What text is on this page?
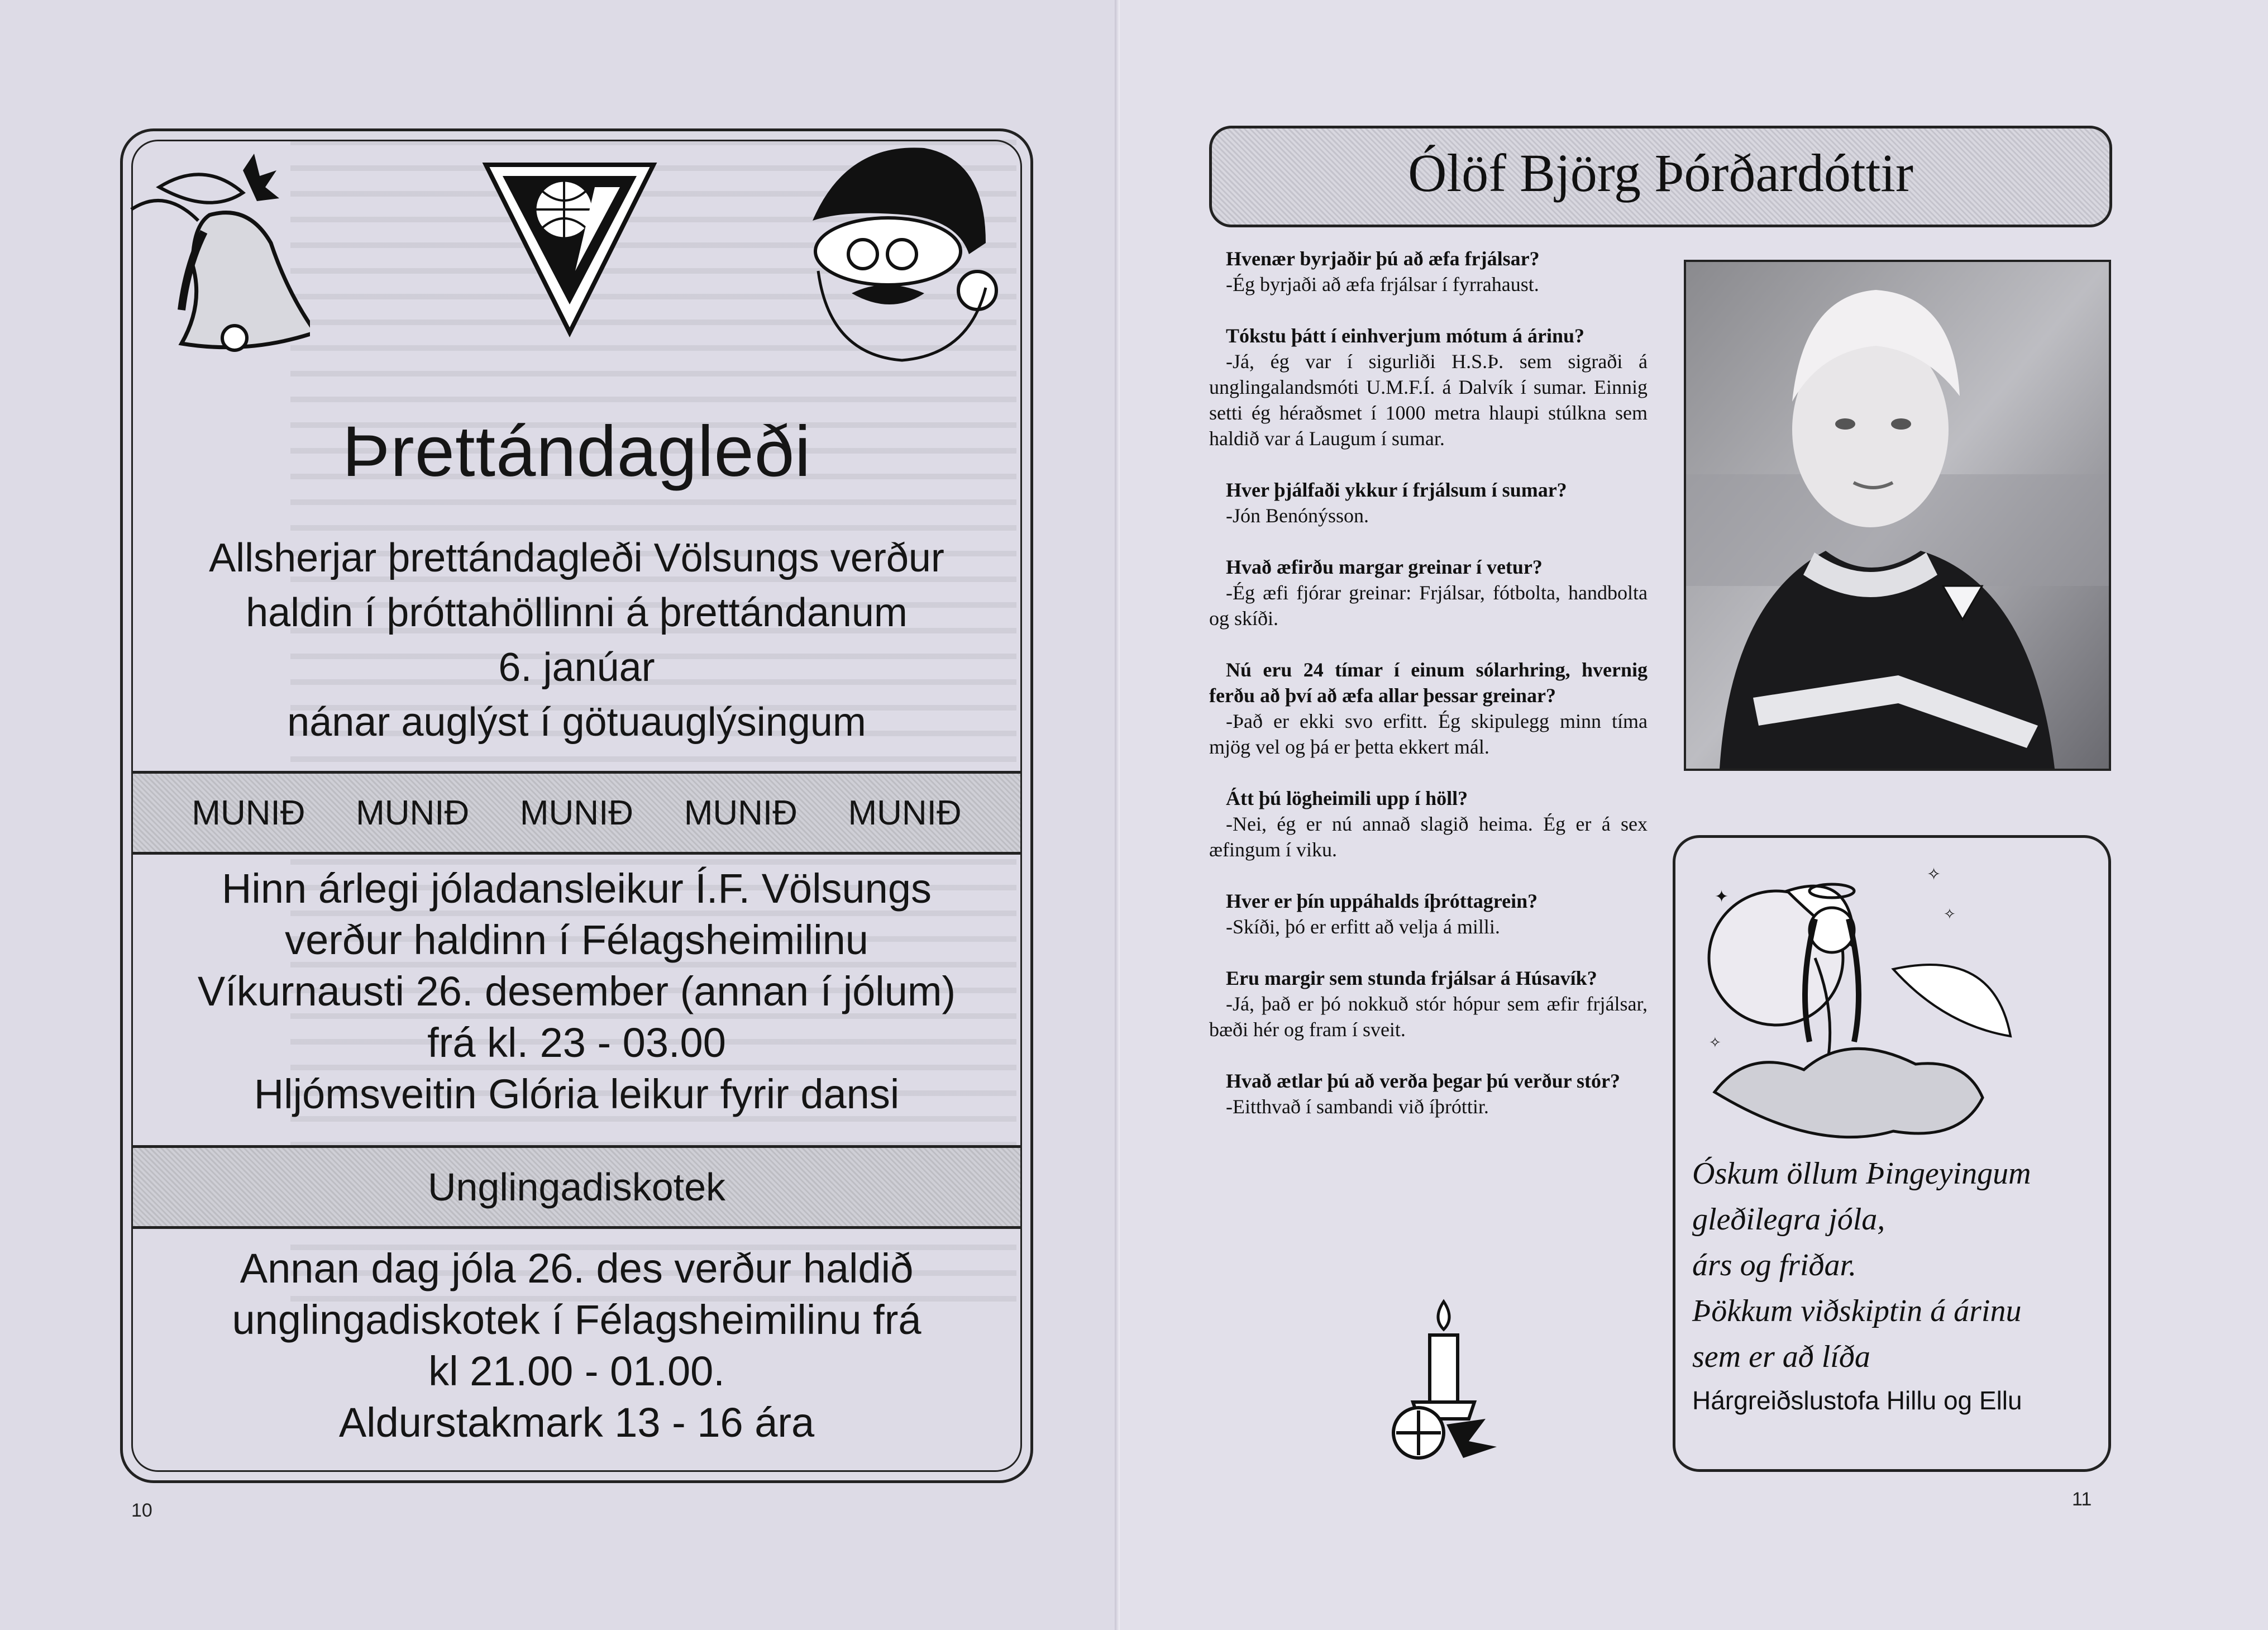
Þrettándagleði
Allsherjar þrettándagleði Völsungs verður
haldin í þróttahöllinni á þrettándanum
6. janúar
nánar auglýst í götuauglýsingum
MUNIÐ MUNIÐ MUNIÐ MUNIÐ MUNIÐ
Hinn árlegi jóladansleikur Í.F. Völsungs
verður haldinn í Félagsheimilinu
Víkurnausti 26. desember (annan í jólum)
frá kl. 23 - 03.00
Hljómsveitin Glória leikur fyrir dansi
Unglingadiskotek
Annan dag jóla 26. des verður haldið
unglingadiskotek í Félagsheimilinu frá
kl 21.00 - 01.00.
Aldurstakmark 13 - 16 ára
10
Ólöf Björg Þórðardóttir
Hvenær byrjaðir þú að æfa frjálsar?
-Ég byrjaði að æfa frjálsar í fyrrahaust.
Tókstu þátt í einhverjum mótum á árinu?
-Já, ég var í sigurliði H.S.Þ. sem sigraði á unglingalandsmóti U.M.F.Í. á Dalvík í sumar. Einnig setti ég héraðsmet í 1000 metra hlaupi stúlkna sem haldið var á Laugum í sumar.
Hver þjálfaði ykkur í frjálsum í sumar?
-Jón Benónýsson.
Hvað æfirðu margar greinar í vetur?
-Ég æfi fjórar greinar: Frjálsar, fótbolta, handbolta og skíði.
Nú eru 24 tímar í einum sólarhring, hvernig ferðu að því að æfa allar þessar greinar?
-Það er ekki svo erfitt. Ég skipulegg minn tíma mjög vel og þá er þetta ekkert mál.
Átt þú lögheimili upp í höll?
-Nei, ég er nú annað slagið heima. Ég er á sex æfingum í viku.
Hver er þín uppáhalds íþróttagrein?
-Skíði, þó er erfitt að velja á milli.
Eru margir sem stunda frjálsar á Húsavík?
-Já, það er þó nokkuð stór hópur sem æfir frjálsar, bæði hér og fram í sveit.
Hvað ætlar þú að verða þegar þú verður stór?
-Eitthvað í sambandi við íþróttir.
✦
✧
✧
✧
Óskum öllum Þingeyingum
gleðilegra jóla,
árs og friðar.
Þökkum viðskiptin á árinu
sem er að líða
Hárgreiðslustofa Hillu og Ellu
11
